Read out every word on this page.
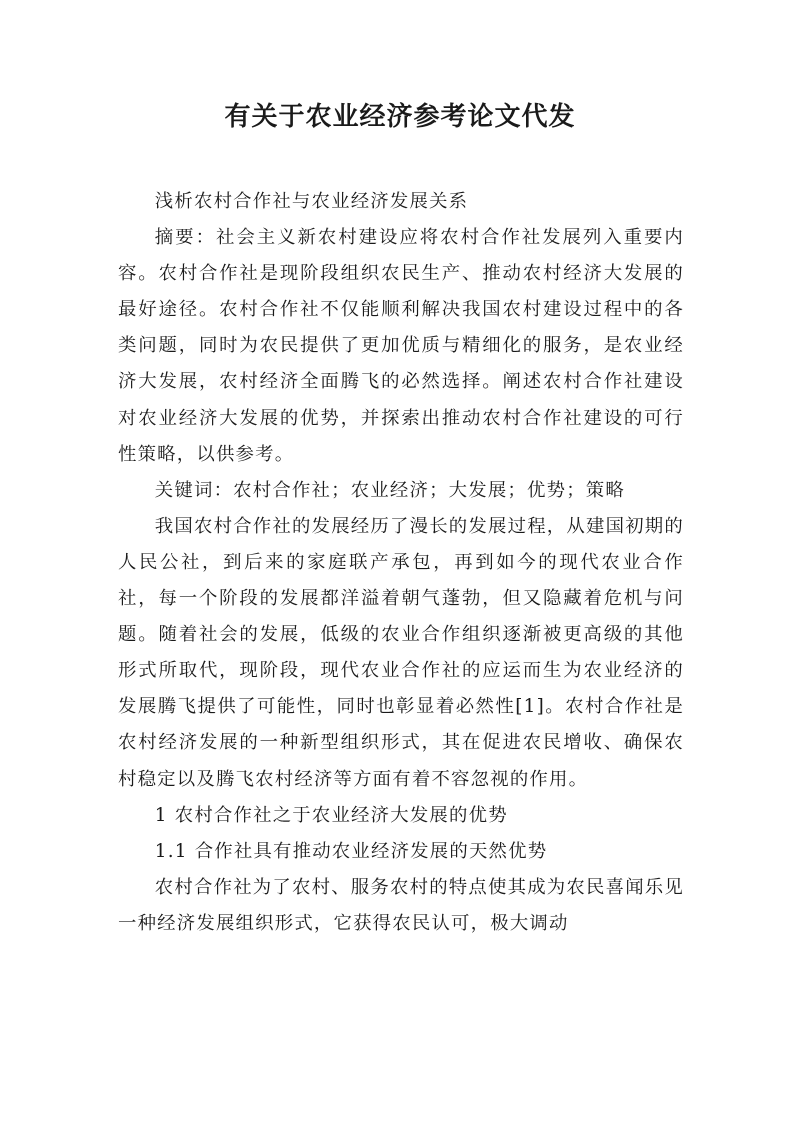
有关于农业经济参考论文代发

浅析农村合作社与农业经济发展关系

摘要：社会主义新农村建设应将农村合作社发展列入重要内容。农村合作社是现阶段组织农民生产、推动农村经济大发展的最好途径。农村合作社不仅能顺利解决我国农村建设过程中的各类问题，同时为农民提供了更加优质与精细化的服务，是农业经济大发展，农村经济全面腾飞的必然选择。阐述农村合作社建设对农业经济大发展的优势，并探索出推动农村合作社建设的可行性策略，以供参考。

关键词：农村合作社；农业经济；大发展；优势；策略

我国农村合作社的发展经历了漫长的发展过程，从建国初期的人民公社，到后来的家庭联产承包，再到如今的现代农业合作社，每一个阶段的发展都洋溢着朝气蓬勃，但又隐藏着危机与问题。随着社会的发展，低级的农业合作组织逐渐被更高级的其他形式所取代，现阶段，现代农业合作社的应运而生为农业经济的发展腾飞提供了可能性，同时也彰显着必然性[1]。农村合作社是农村经济发展的一种新型组织形式，其在促进农民增收、确保农村稳定以及腾飞农村经济等方面有着不容忽视的作用。

1 农村合作社之于农业经济大发展的优势

1.1 合作社具有推动农业经济发展的天然优势

农村合作社为了农村、服务农村的特点使其成为农民喜闻乐见一种经济发展组织形式，它获得农民认可，极大调动
